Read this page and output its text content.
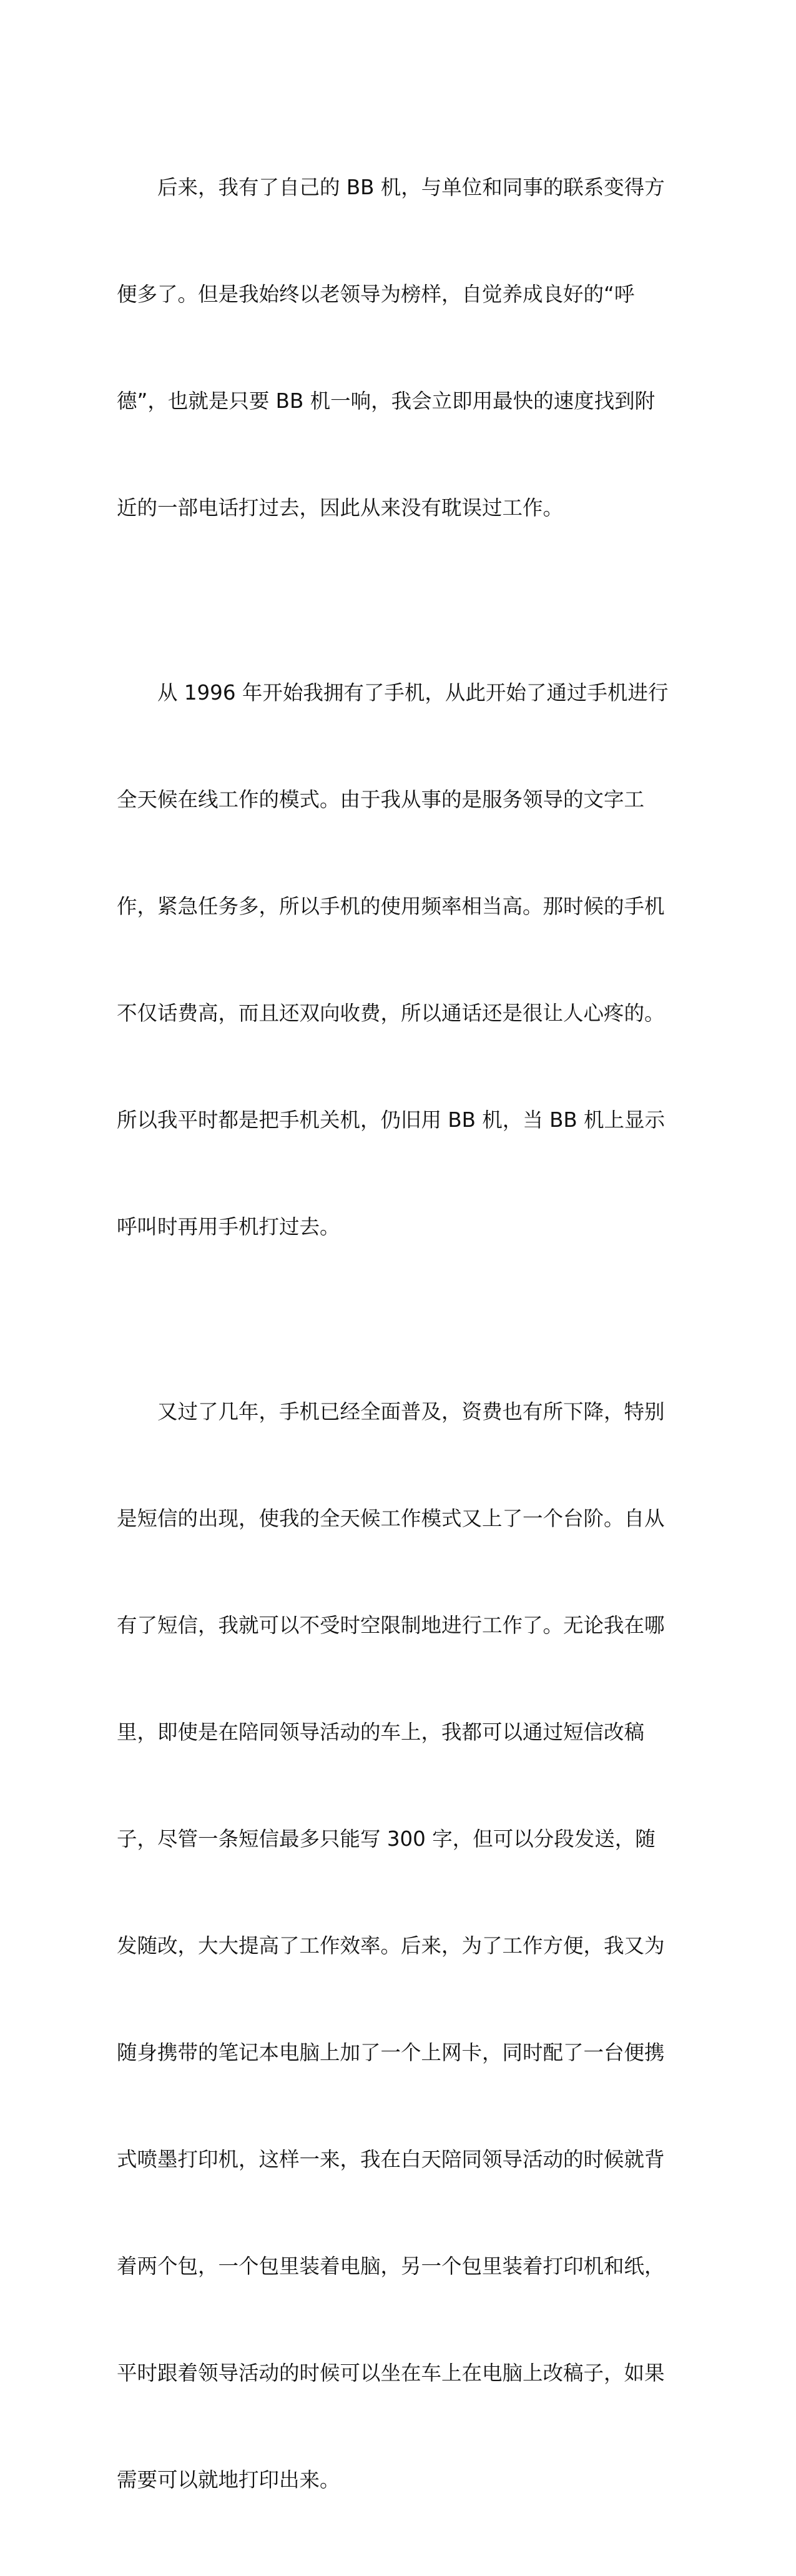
后来，我有了自己的 BB 机，与单位和同事的联系变得方

便多了。但是我始终以老领导为榜样，自觉养成良好的“呼

德”，也就是只要 BB 机一响，我会立即用最快的速度找到附

近的一部电话打过去，因此从来没有耽误过工作。

从 1996 年开始我拥有了手机，从此开始了通过手机进行

全天候在线工作的模式。由于我从事的是服务领导的文字工

作，紧急任务多，所以手机的使用频率相当高。那时候的手机

不仅话费高，而且还双向收费，所以通话还是很让人心疼的。

所以我平时都是把手机关机，仍旧用 BB 机，当 BB 机上显示

呼叫时再用手机打过去。

又过了几年，手机已经全面普及，资费也有所下降，特别

是短信的出现，使我的全天候工作模式又上了一个台阶。自从

有了短信，我就可以不受时空限制地进行工作了。无论我在哪

里，即使是在陪同领导活动的车上，我都可以通过短信改稿

子，尽管一条短信最多只能写 300 字，但可以分段发送，随

发随改，大大提高了工作效率。后来，为了工作方便，我又为

随身携带的笔记本电脑上加了一个上网卡，同时配了一台便携

式喷墨打印机，这样一来，我在白天陪同领导活动的时候就背

着两个包，一个包里装着电脑，另一个包里装着打印机和纸，

平时跟着领导活动的时候可以坐在车上在电脑上改稿子，如果

需要可以就地打印出来。
